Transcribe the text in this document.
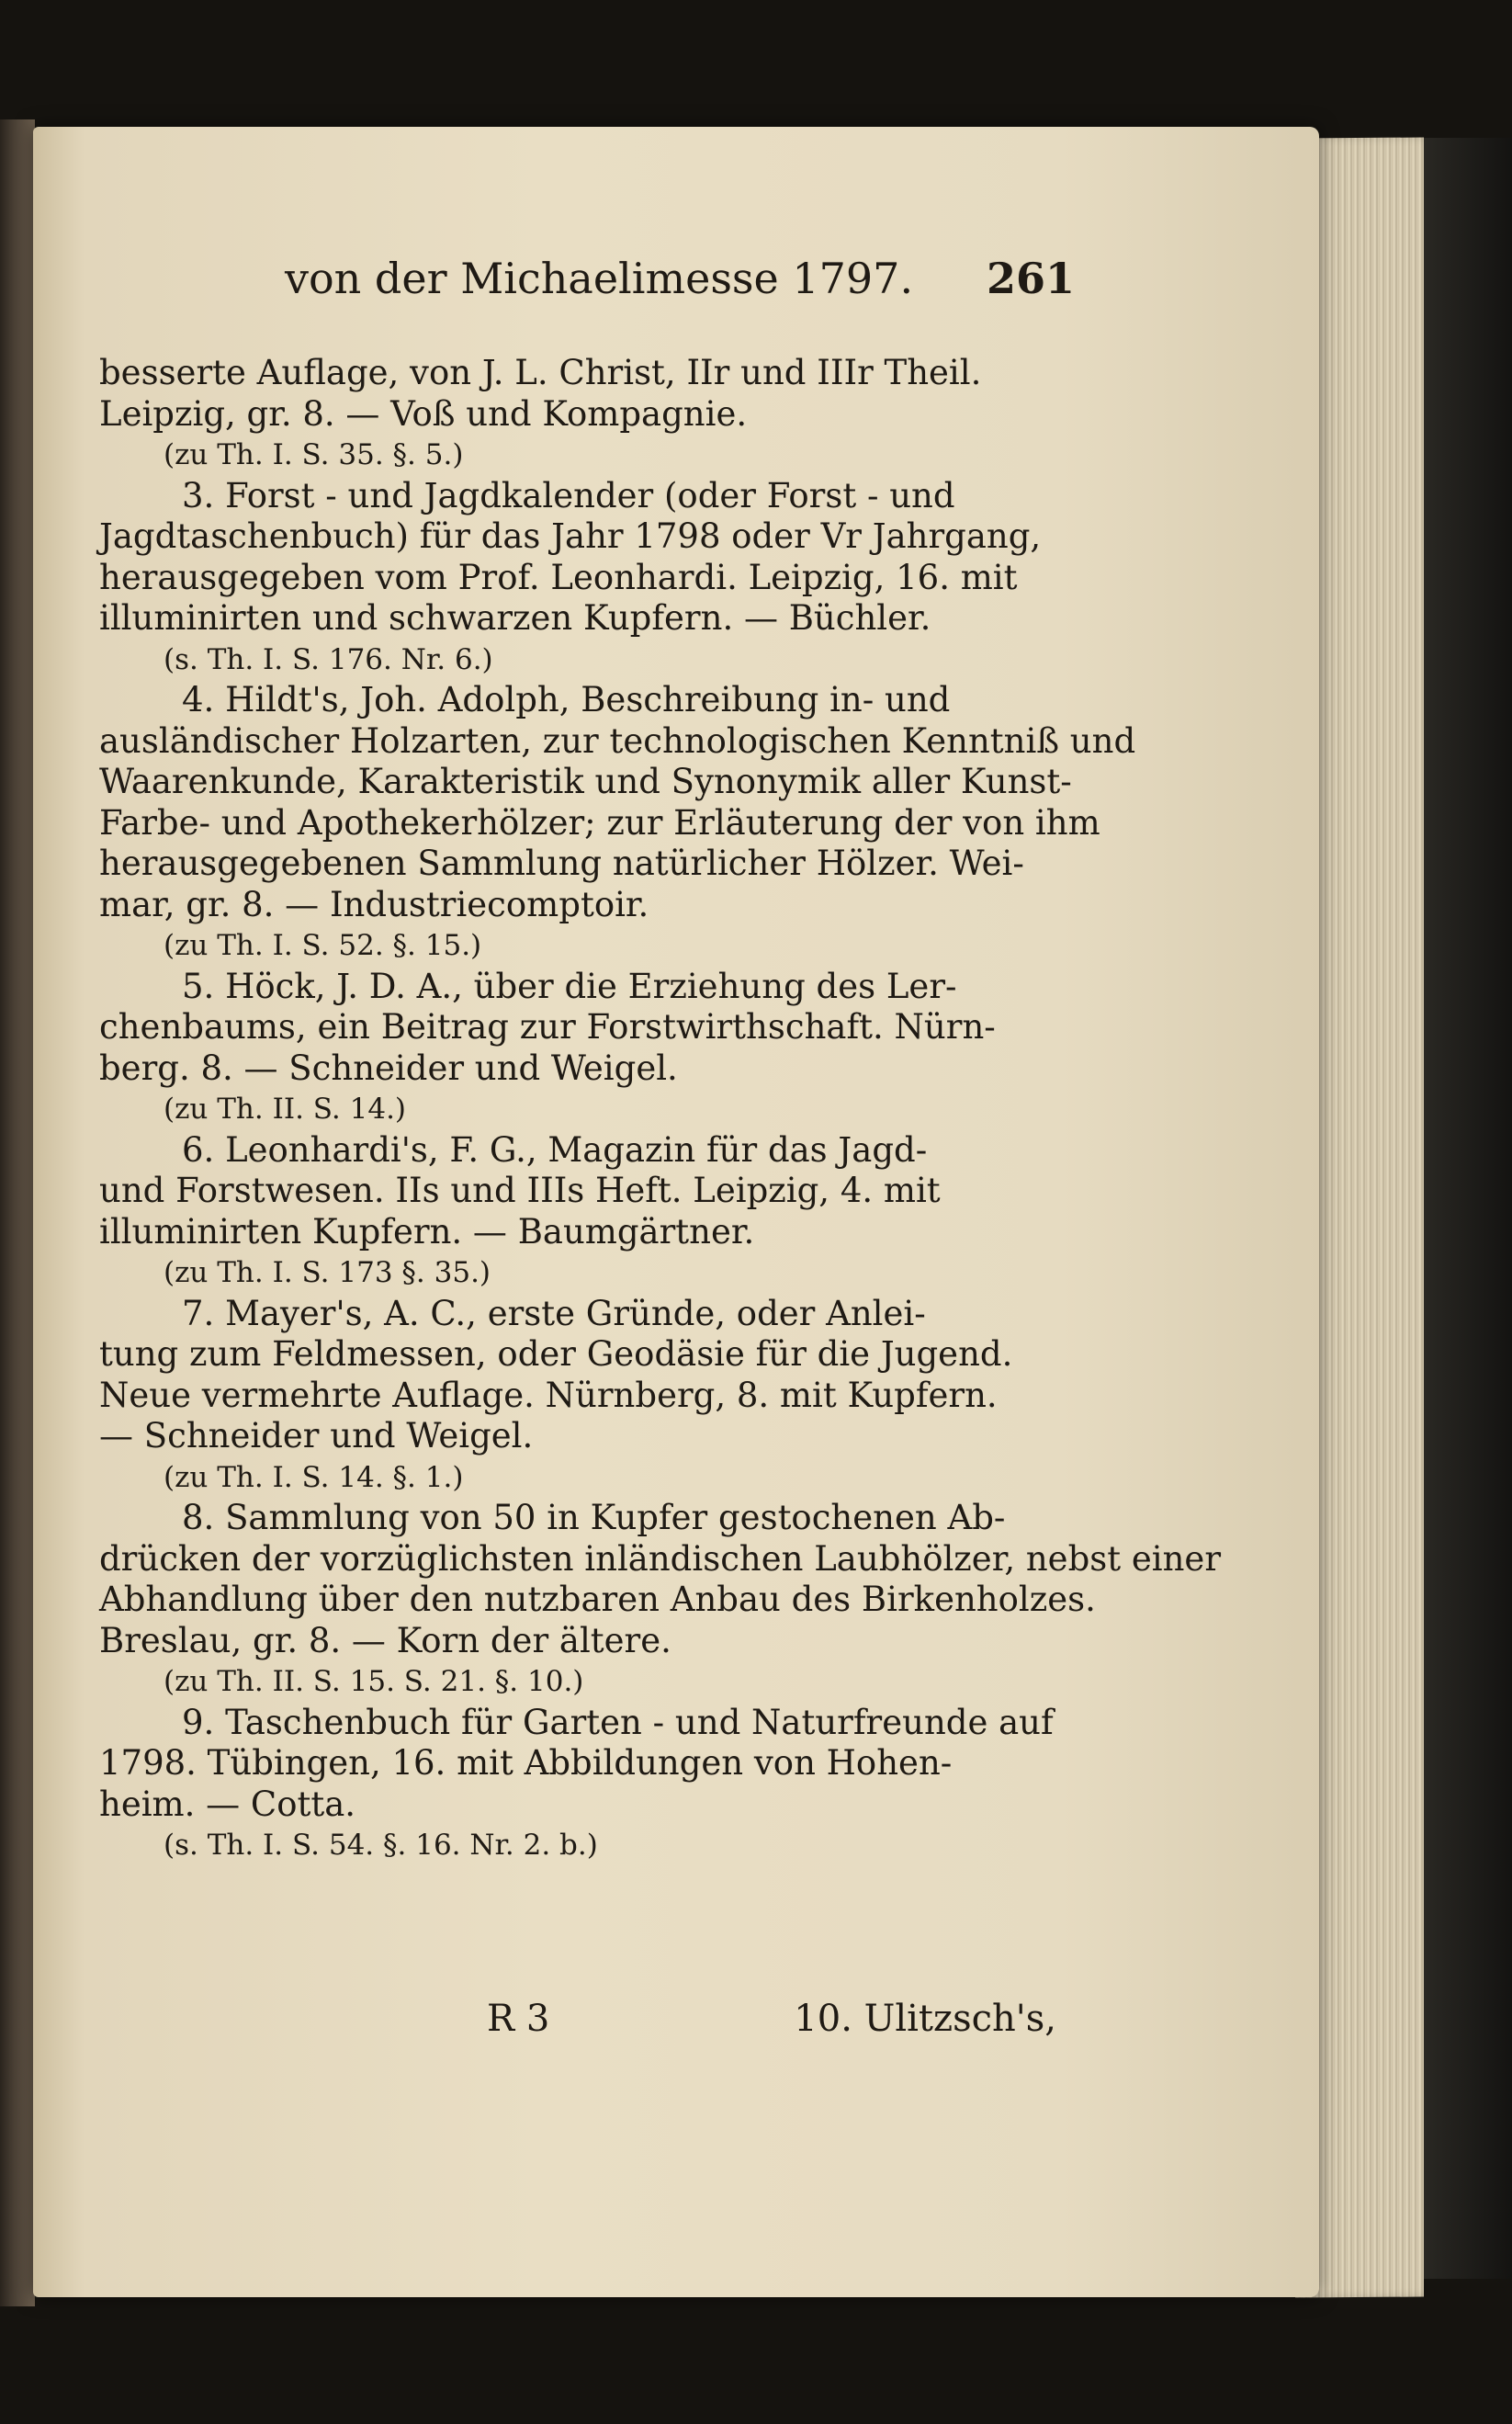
von der Michaelimesse 1797. 261
besserte Auflage, von J. L. Christ, IIr und IIIr Theil.
Leipzig, gr. 8. — Voß und Kompagnie.
(zu Th. I. S. 35. §. 5.)
3. Forst - und Jagdkalender (oder Forst - und
Jagdtaschenbuch) für das Jahr 1798 oder Vr Jahrgang,
herausgegeben vom Prof. Leonhardi. Leipzig, 16. mit
illuminirten und schwarzen Kupfern. — Büchler.
(s. Th. I. S. 176. Nr. 6.)
4. Hildt's, Joh. Adolph, Beschreibung in- und
ausländischer Holzarten, zur technologischen Kenntniß und
Waarenkunde, Karakteristik und Synonymik aller Kunst-
Farbe- und Apothekerhölzer; zur Erläuterung der von ihm
herausgegebenen Sammlung natürlicher Hölzer. Wei-
mar, gr. 8. — Industriecomptoir.
(zu Th. I. S. 52. §. 15.)
5. Höck, J. D. A., über die Erziehung des Ler-
chenbaums, ein Beitrag zur Forstwirthschaft. Nürn-
berg. 8. — Schneider und Weigel.
(zu Th. II. S. 14.)
6. Leonhardi's, F. G., Magazin für das Jagd-
und Forstwesen. IIs und IIIs Heft. Leipzig, 4. mit
illuminirten Kupfern. — Baumgärtner.
(zu Th. I. S. 173 §. 35.)
7. Mayer's, A. C., erste Gründe, oder Anlei-
tung zum Feldmessen, oder Geodäsie für die Jugend.
Neue vermehrte Auflage. Nürnberg, 8. mit Kupfern.
— Schneider und Weigel.
(zu Th. I. S. 14. §. 1.)
8. Sammlung von 50 in Kupfer gestochenen Ab-
drücken der vorzüglichsten inländischen Laubhölzer, nebst einer
Abhandlung über den nutzbaren Anbau des Birkenholzes.
Breslau, gr. 8. — Korn der ältere.
(zu Th. II. S. 15. S. 21. §. 10.)
9. Taschenbuch für Garten - und Naturfreunde auf
1798. Tübingen, 16. mit Abbildungen von Hohen-
heim. — Cotta.
(s. Th. I. S. 54. §. 16. Nr. 2. b.)
R 3	10. Ulitzsch's,
